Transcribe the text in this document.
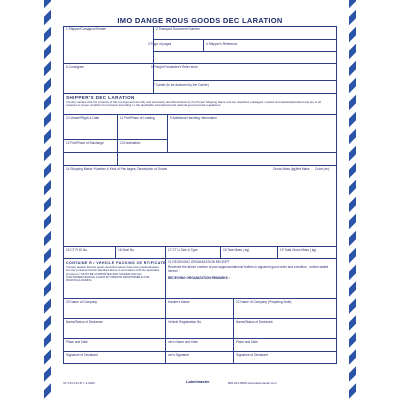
IMO DANGE ROUS GOODS DEC LARATION
1 Shipper/Consignor/Sender	2 Transport Document Number
3 Page of pages	4 Shipper's Reference
5 Freight Forwarder's Refer ence
6 Consignee
7 Carrier (to be declared by the Carrier)
SHIPPER'S DEC LARATION
I hereby declare that the contents of this consignment are fully and accurately described below by the Proper Shipping Name and are classified, packaged, marked and labeled/placarded and are in all respects in proper condition for transport according t o the applicable international and national governmental regulations.
10 Vessel/Flight & Date	11 Port/Place of Loading	9 Additional Handling Information
12 Port/Place of Discharge	13 Destination
14 Shipping Marks *Number & Kind of Pac kages; Description of Goods	Gross Mass (kg) Net Mass Cube (m³)
15 CT R ID No.	16 Seal No.	17 CT U Size & Type	18 Tare Mass ( kg)	19 Total Gross Mass ( kg)
CONTAINE R / VEHICLE PACKING CE RTIFICATE
I hereby declare that the goods described above have been packed/loaded into the container/vehicle identified above in accordance with the applicable provisions.* MUST BE COMPLETED AND SIGNED FOR ALL CONTAINER/VEHICLE LOADS BY PERSON RESPONSIBLE FOR PACKING/LOADING
21 RECEIVING ORGANIZATION RECEIPT
Received the above number of pac kages/containers/ trailers in apparent good order and condition , unless stated hereon :
RECEIVING ORGANIZATION REMARKS :
20 Name of Company	Haulier's Name	22 Name of Company (Preparing Note)
Name/Status of Declarant	Vehicle Registration No	Name/Status of Declarant
Place and Date	ver's Name and Date	Place and Date
Signature of Declarant	ver's Signature	Signature of Declarant
ST F13 F13-R 7-1-2003	Labelmaster	800-621-5808 www.labelmaster.com
